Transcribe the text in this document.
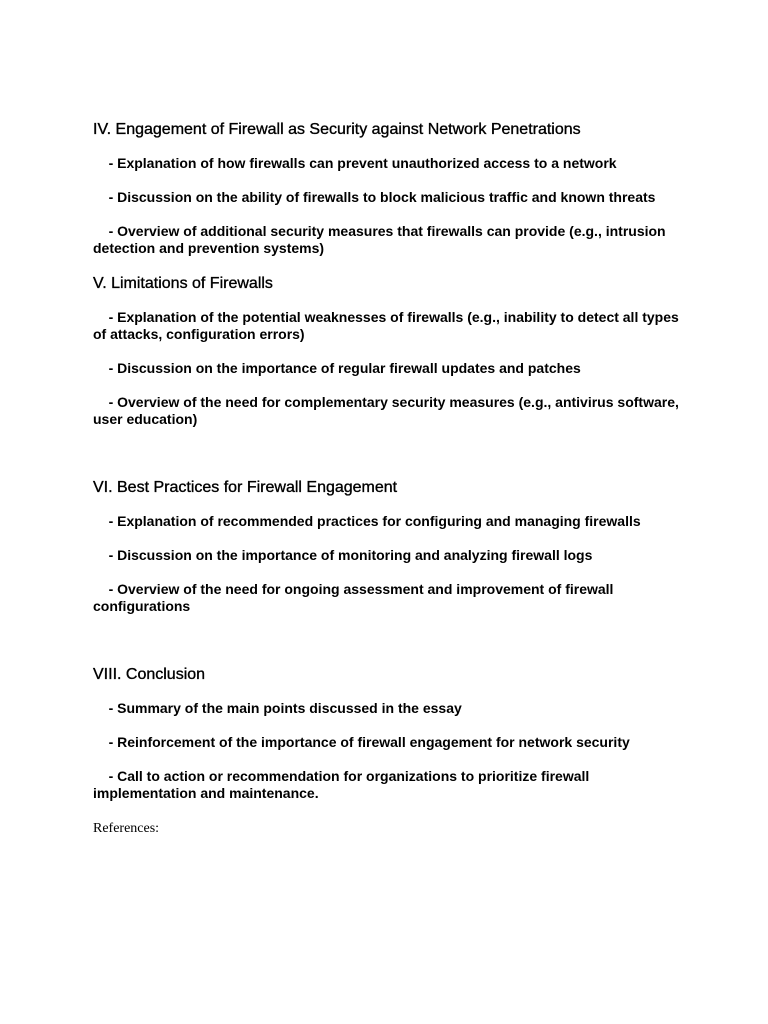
IV. Engagement of Firewall as Security against Network Penetrations

- Explanation of how firewalls can prevent unauthorized access to a network

- Discussion on the ability of firewalls to block malicious traffic and known threats

- Overview of additional security measures that firewalls can provide (e.g., intrusion detection and prevention systems)

V. Limitations of Firewalls

- Explanation of the potential weaknesses of firewalls (e.g., inability to detect all types of attacks, configuration errors)

- Discussion on the importance of regular firewall updates and patches

- Overview of the need for complementary security measures (e.g., antivirus software, user education)

VI. Best Practices for Firewall Engagement

- Explanation of recommended practices for configuring and managing firewalls

- Discussion on the importance of monitoring and analyzing firewall logs

- Overview of the need for ongoing assessment and improvement of firewall configurations

VIII. Conclusion

- Summary of the main points discussed in the essay

- Reinforcement of the importance of firewall engagement for network security

- Call to action or recommendation for organizations to prioritize firewall implementation and maintenance.

References:
